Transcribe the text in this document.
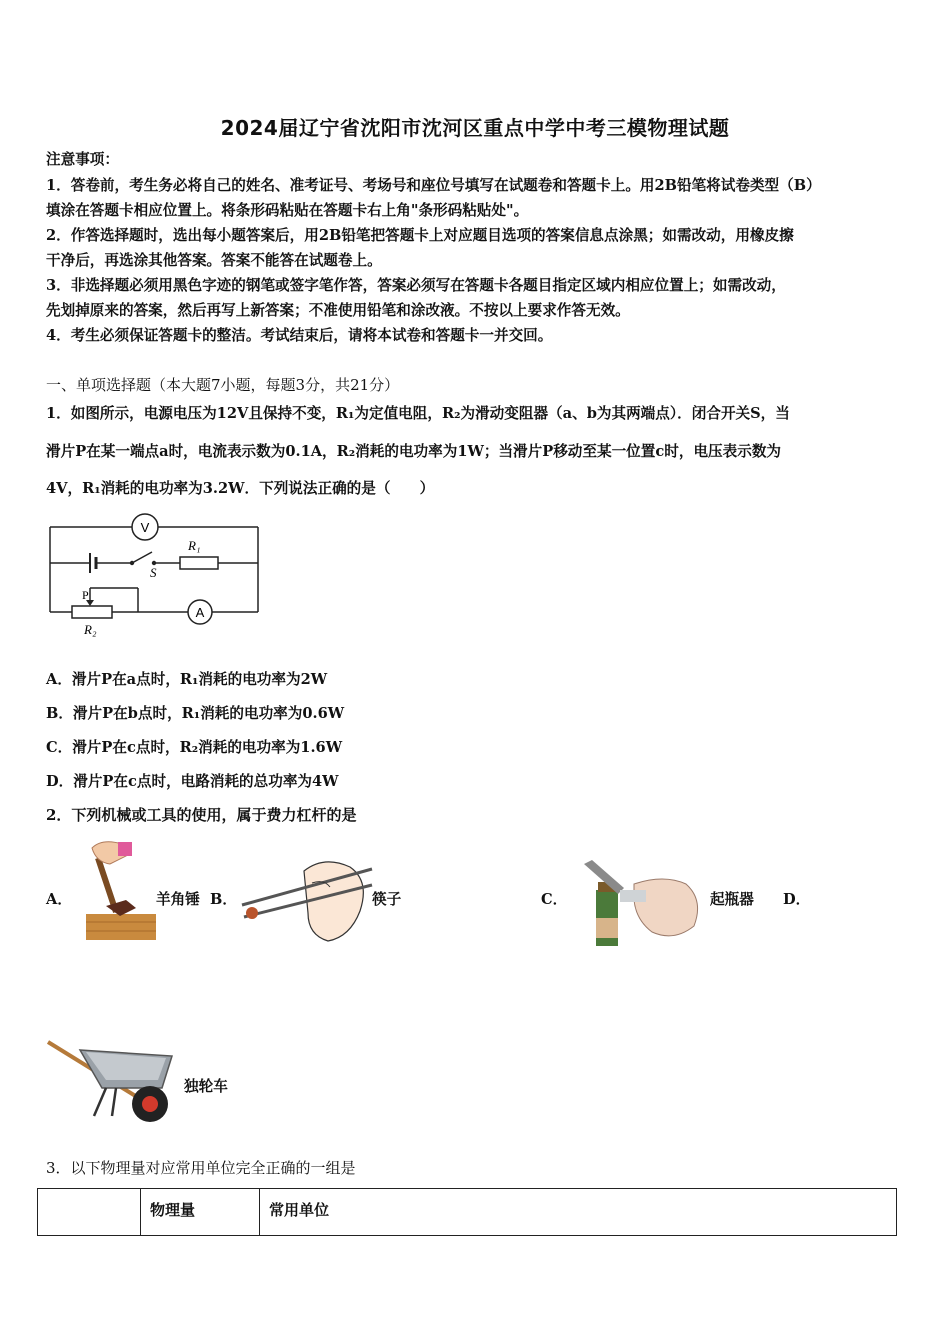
2024届辽宁省沈阳市沈河区重点中学中考三模物理试题
注意事项：
1．答卷前，考生务必将自己的姓名、准考证号、考场号和座位号填写在试题卷和答题卡上。用2B铅笔将试卷类型（B）
填涂在答题卡相应位置上。将条形码粘贴在答题卡右上角"条形码粘贴处"。
2．作答选择题时，选出每小题答案后，用2B铅笔把答题卡上对应题目选项的答案信息点涂黑；如需改动，用橡皮擦
干净后，再选涂其他答案。答案不能答在试题卷上。
3．非选择题必须用黑色字迹的钢笔或签字笔作答，答案必须写在答题卡各题目指定区域内相应位置上；如需改动，
先划掉原来的答案，然后再写上新答案；不准使用铅笔和涂改液。不按以上要求作答无效。
4．考生必须保证答题卡的整洁。考试结束后，请将本试卷和答题卡一并交回。
一、单项选择题（本大题7小题，每题3分，共21分）
1．如图所示，电源电压为12V且保持不变，R₁为定值电阻，R₂为滑动变阻器（a、b为其两端点）．闭合开关S，当
滑片P在某一端点a时，电流表示数为0.1A，R₂消耗的电功率为1W；当滑片P移动至某一位置c时，电压表示数为
4V，R₁消耗的电功率为3.2W．下列说法正确的是（　　）
V
A
S
R₁
P
R₂
A．滑片P在a点时，R₁消耗的电功率为2W
B．滑片P在b点时，R₁消耗的电功率为0.6W
C．滑片P在c点时，R₂消耗的电功率为1.6W
D．滑片P在c点时，电路消耗的总功率为4W
2．下列机械或工具的使用，属于费力杠杆的是
A．	羊角锤 B．	筷子	C．	起瓶器 D．
独轮车
3．以下物理量对应常用单位完全正确的一组是
	物理量	常用单位
